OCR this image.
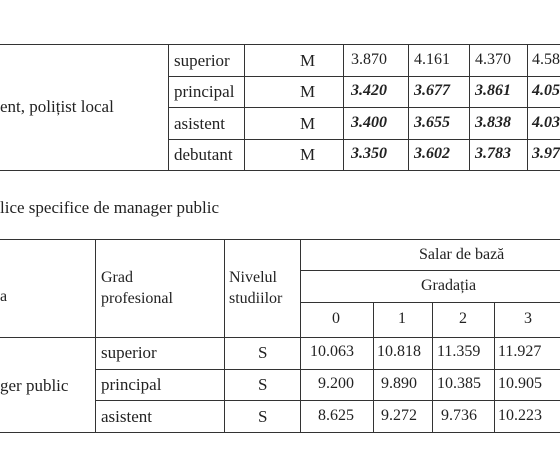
ent, polițist local
superior	M 3.870 4.161 4.370 4.58
principal	M 3.420 3.677 3.861 4.05
asistent	M 3.400 3.655 3.838 4.03
debutant	M 3.350 3.602 3.783 3.97
lice specifice de manager public
a
Grad
profesional
Nivelul
studiilor
Salar de bază
Gradația
0	1	2	3
ger public
superior	S	10.063 10.818 11.359 11.927
principal	S	9.200 9.890 10.385 10.905
asistent	S	8.625 9.272 9.736 10.223
